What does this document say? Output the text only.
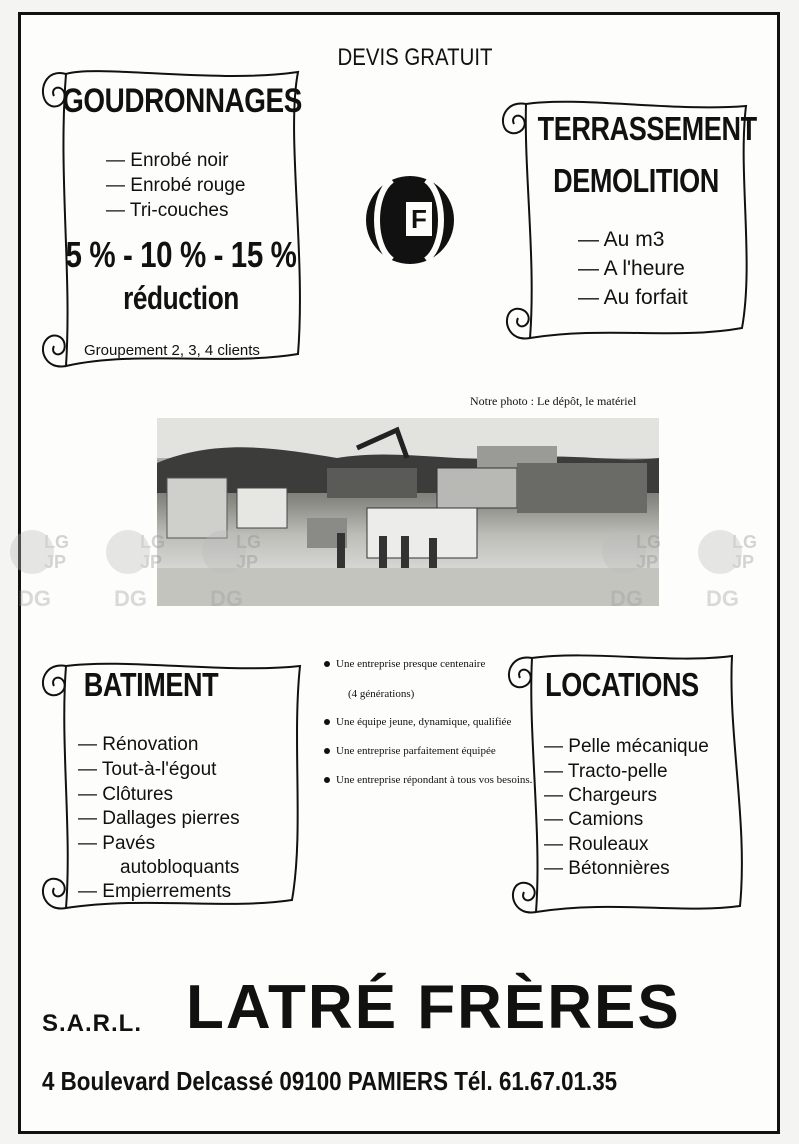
DEVIS GRATUIT
GOUDRONNAGES
— Enrobé noir
— Enrobé rouge
— Tri-couches
5 % - 10 % - 15 %
réduction
Groupement 2, 3, 4 clients
F
TERRASSEMENT
DEMOLITION
— Au m3
— A l'heure
— Au forfait
Notre photo : Le dépôt, le matériel
LG
JP
DG
LG
JP
DG
LG
JP
DG
LG
JP
DG
LG
JP
DG
BATIMENT
— Rénovation
— Tout-à-l'égout
— Clôtures
— Dallages pierres
— Pavés
autobloquants
— Empierrements
Une entreprise presque centenaire
(4 générations)
Une équipe jeune, dynamique, qualifiée
Une entreprise parfaitement équipée
Une entreprise répondant à tous vos besoins.
LOCATIONS
— Pelle mécanique
— Tracto-pelle
— Chargeurs
— Camions
— Rouleaux
— Bétonnières
S.A.R.L. LATRÉ FRÈRES
4 Boulevard Delcassé 09100 PAMIERS Tél. 61.67.01.35
